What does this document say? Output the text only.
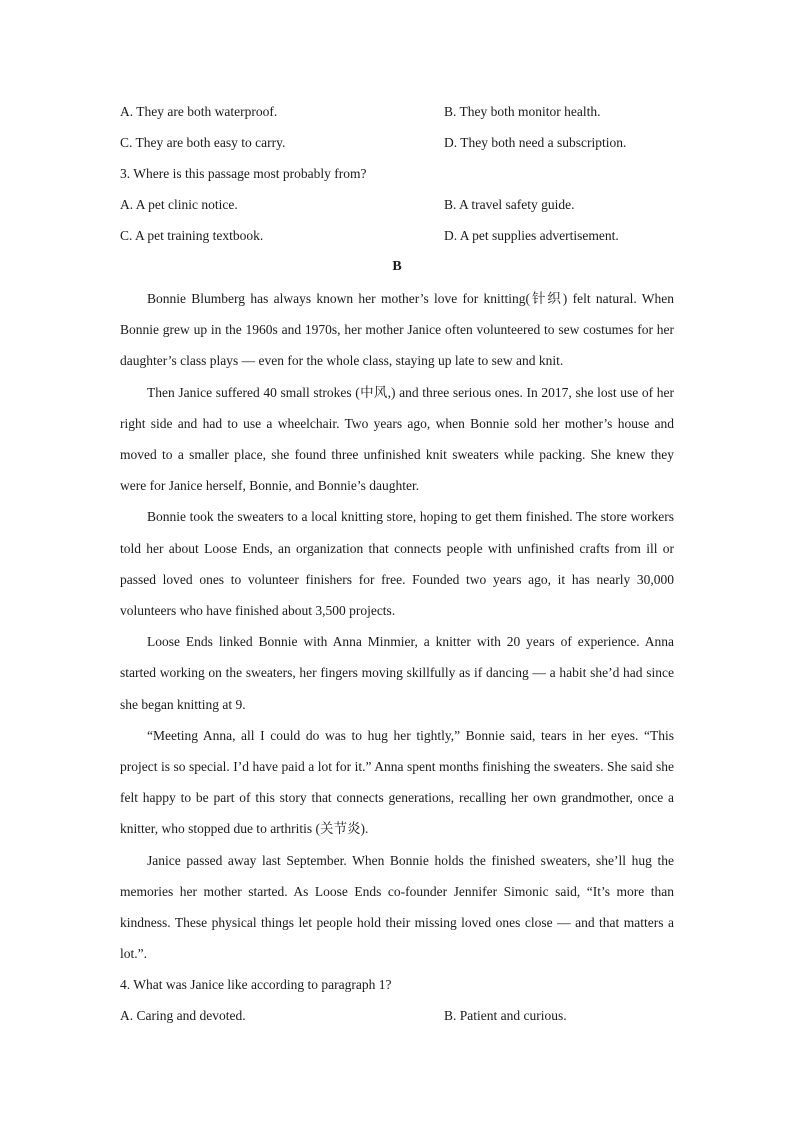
A. They are both waterproof.	B. They both monitor health.
C. They are both easy to carry.	D. They both need a subscription.
3. Where is this passage most probably from?
A. A pet clinic notice.	B. A travel safety guide.
C. A pet training textbook.	D. A pet supplies advertisement.
B

Bonnie Blumberg has always known her mother’s love for knitting(针织) felt natural. When Bonnie grew up in the 1960s and 1970s, her mother Janice often volunteered to sew costumes for her daughter’s class plays — even for the whole class, staying up late to sew and knit.

Then Janice suffered 40 small strokes (中风,) and three serious ones. In 2017, she lost use of her right side and had to use a wheelchair. Two years ago, when Bonnie sold her mother’s house and moved to a smaller place, she found three unfinished knit sweaters while packing. She knew they were for Janice herself, Bonnie, and Bonnie’s daughter.

Bonnie took the sweaters to a local knitting store, hoping to get them finished. The store workers told her about Loose Ends, an organization that connects people with unfinished crafts from ill or passed loved ones to volunteer finishers for free. Founded two years ago, it has nearly 30,000 volunteers who have finished about 3,500 projects.

Loose Ends linked Bonnie with Anna Minmier, a knitter with 20 years of experience. Anna started working on the sweaters, her fingers moving skillfully as if dancing — a habit she’d had since she began knitting at 9.

“Meeting Anna, all I could do was to hug her tightly,” Bonnie said, tears in her eyes. “This project is so special. I’d have paid a lot for it.” Anna spent months finishing the sweaters. She said she felt happy to be part of this story that connects generations, recalling her own grandmother, once a knitter, who stopped due to arthritis (关节炎).

Janice passed away last September. When Bonnie holds the finished sweaters, she’ll hug the memories her mother started. As Loose Ends co-founder Jennifer Simonic said, “It’s more than kindness. These physical things let people hold their missing loved ones close — and that matters a lot.”.

4. What was Janice like according to paragraph 1?
A. Caring and devoted.	B. Patient and curious.
